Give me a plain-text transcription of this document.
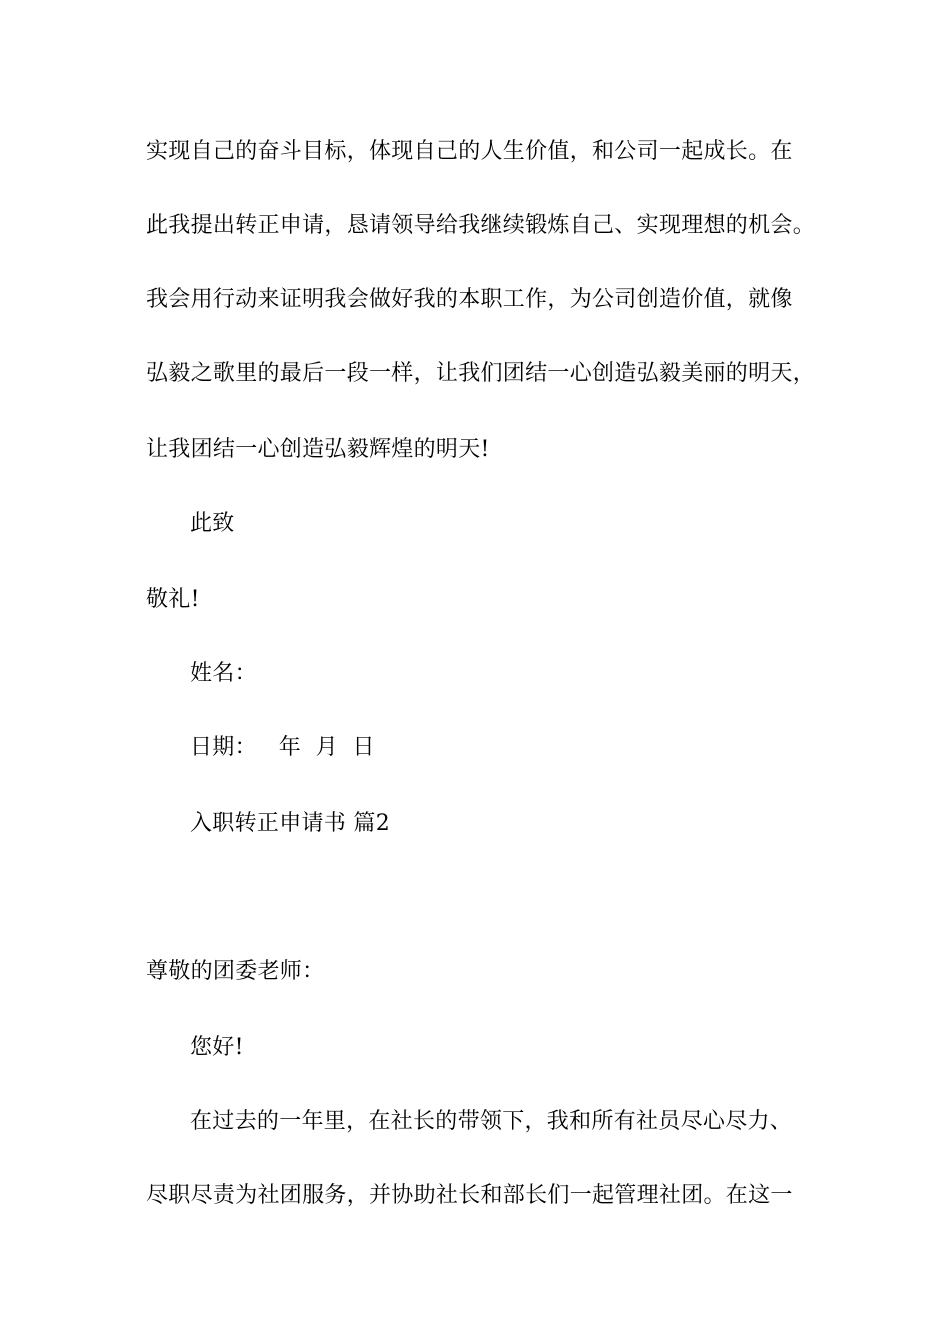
实现自己的奋斗目标，体现自己的人生价值，和公司一起成长。在
此我提出转正申请，恳请领导给我继续锻炼自己、实现理想的机会。
我会用行动来证明我会做好我的本职工作，为公司创造价值，就像
弘毅之歌里的最后一段一样，让我们团结一心创造弘毅美丽的明天，
让我团结一心创造弘毅辉煌的明天!
此致
敬礼!
姓名：
日期：   年  月  日
入职转正申请书 篇2
尊敬的团委老师：
您好!
在过去的一年里，在社长的带领下，我和所有社员尽心尽力、
尽职尽责为社团服务，并协助社长和部长们一起管理社团。在这一
